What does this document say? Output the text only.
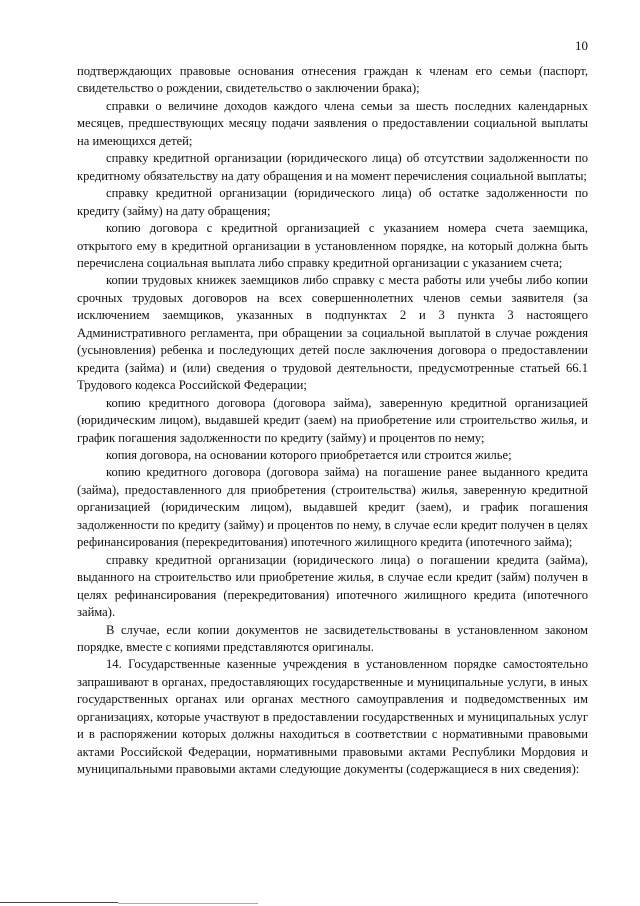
10

подтверждающих правовые основания отнесения граждан к членам его семьи (паспорт, свидетельство о рождении, свидетельство о заключении брака);

справки о величине доходов каждого члена семьи за шесть последних календарных месяцев, предшествующих месяцу подачи заявления о предоставлении социальной выплаты на имеющихся детей;

справку кредитной организации (юридического лица) об отсутствии задолженности по кредитному обязательству на дату обращения и на момент перечисления социальной выплаты;

справку кредитной организации (юридического лица) об остатке задолженности по кредиту (займу) на дату обращения;

копию договора с кредитной организацией с указанием номера счета заемщика, открытого ему в кредитной организации в установленном порядке, на который должна быть перечислена социальная выплата либо справку кредитной организации с указанием счета;

копии трудовых книжек заемщиков либо справку с места работы или учебы либо копии срочных трудовых договоров на всех совершеннолетних членов семьи заявителя (за исключением заемщиков, указанных в подпунктах 2 и 3 пункта 3 настоящего Административного регламента, при обращении за социальной выплатой в случае рождения (усыновления) ребенка и последующих детей после заключения договора о предоставлении кредита (займа) и (или) сведения о трудовой деятельности, предусмотренные статьей 66.1 Трудового кодекса Российской Федерации;

копию кредитного договора (договора займа), заверенную кредитной организацией (юридическим лицом), выдавшей кредит (заем) на приобретение или строительство жилья, и график погашения задолженности по кредиту (займу) и процентов по нему;

копия договора, на основании которого приобретается или строится жилье;

копию кредитного договора (договора займа) на погашение ранее выданного кредита (займа), предоставленного для приобретения (строительства) жилья, заверенную кредитной организацией (юридическим лицом), выдавшей кредит (заем), и график погашения задолженности по кредиту (займу) и процентов по нему, в случае если кредит получен в целях рефинансирования (перекредитования) ипотечного жилищного кредита (ипотечного займа);

справку кредитной организации (юридического лица) о погашении кредита (займа), выданного на строительство или приобретение жилья, в случае если кредит (займ) получен в целях рефинансирования (перекредитования) ипотечного жилищного кредита (ипотечного займа).

В случае, если копии документов не засвидетельствованы в установленном законом порядке, вместе с копиями представляются оригиналы.

14. Государственные казенные учреждения в установленном порядке самостоятельно запрашивают в органах, предоставляющих государственные и муниципальные услуги, в иных государственных органах или органах местного самоуправления и подведомственных им организациях, которые участвуют в предоставлении государственных и муниципальных услуг и в распоряжении которых должны находиться в соответствии с нормативными правовыми актами Российской Федерации, нормативными правовыми актами Республики Мордовия и муниципальными правовыми актами следующие документы (содержащиеся в них сведения):
